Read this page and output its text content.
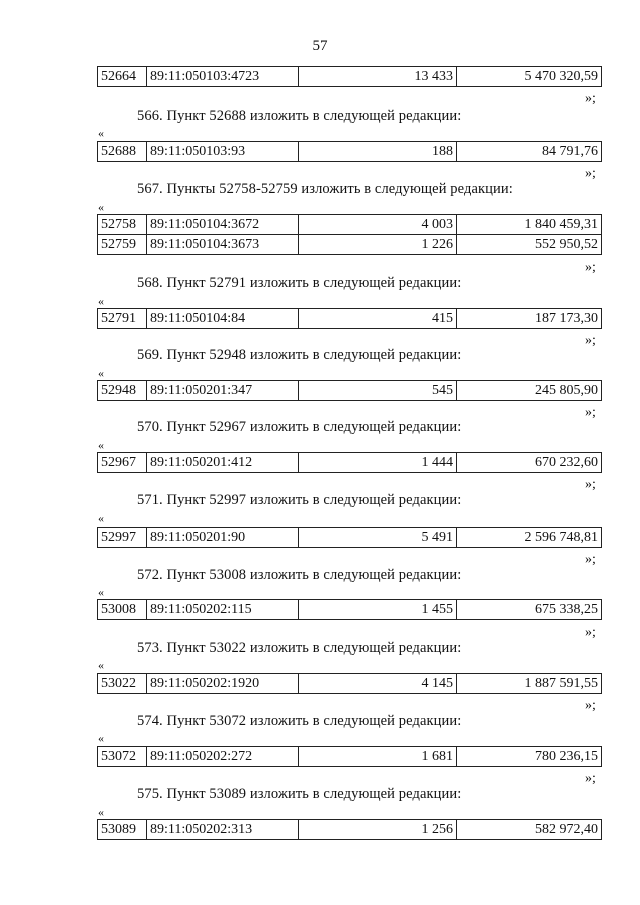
57
52664	89:11:050103:4723	13 433	5 470 320,59
»;
566. Пункт 52688 изложить в следующей редакции:
«
52688	89:11:050103:93	188	84 791,76
»;
567. Пункты 52758-52759 изложить в следующей редакции:
«
52758	89:11:050104:3672	4 003	1 840 459,31
52759	89:11:050104:3673	1 226	552 950,52
»;
568. Пункт 52791 изложить в следующей редакции:
«
52791	89:11:050104:84	415	187 173,30
»;
569. Пункт 52948 изложить в следующей редакции:
«
52948	89:11:050201:347	545	245 805,90
»;
570. Пункт 52967 изложить в следующей редакции:
«
52967	89:11:050201:412	1 444	670 232,60
»;
571. Пункт 52997 изложить в следующей редакции:
«
52997	89:11:050201:90	5 491	2 596 748,81
»;
572. Пункт 53008 изложить в следующей редакции:
«
53008	89:11:050202:115	1 455	675 338,25
»;
573. Пункт 53022 изложить в следующей редакции:
«
53022	89:11:050202:1920	4 145	1 887 591,55
»;
574. Пункт 53072 изложить в следующей редакции:
«
53072	89:11:050202:272	1 681	780 236,15
»;
575. Пункт 53089 изложить в следующей редакции:
«
53089	89:11:050202:313	1 256	582 972,40
